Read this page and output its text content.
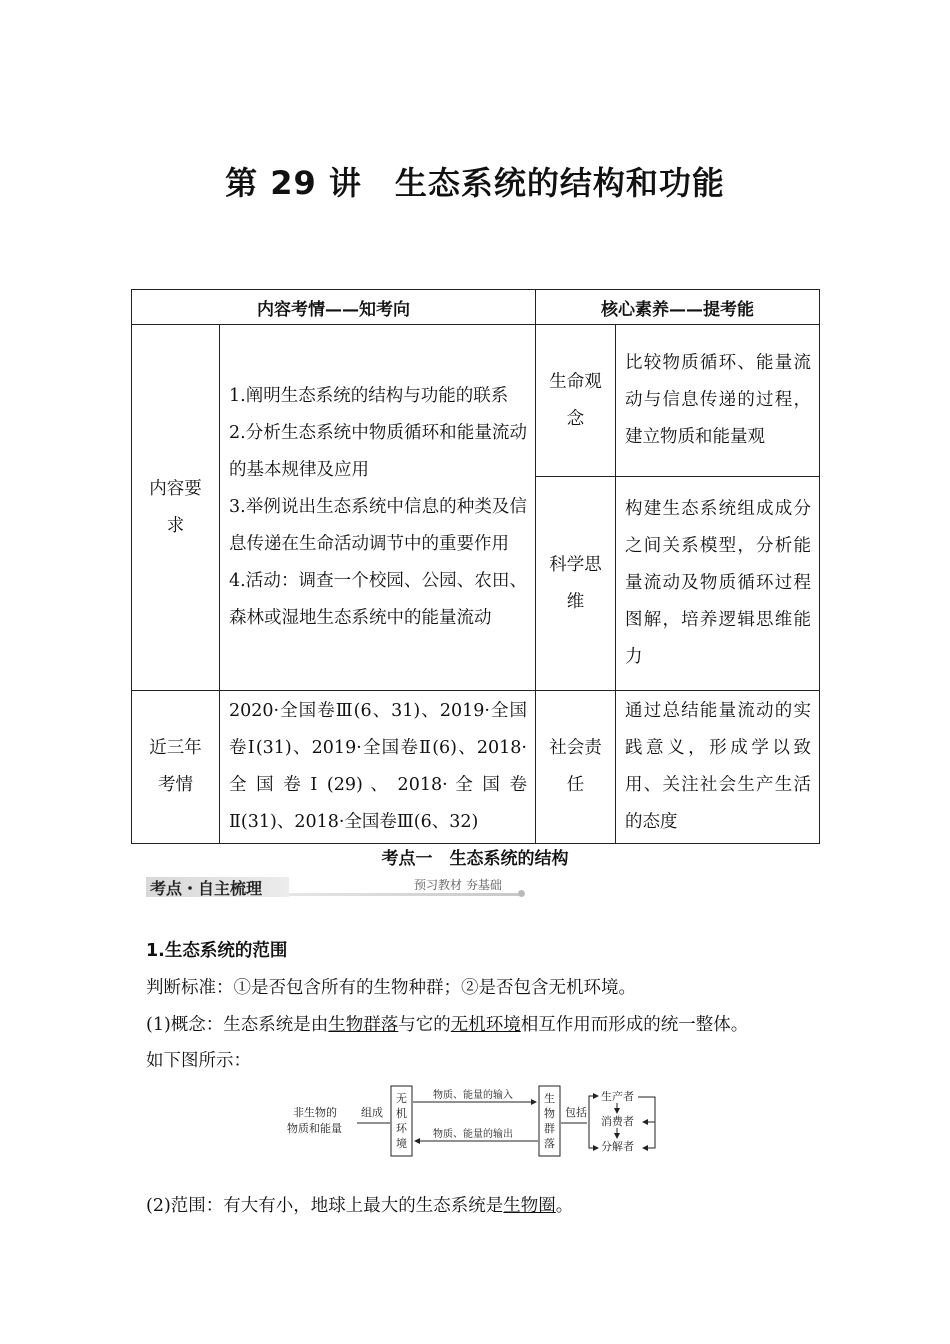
第 29 讲　生态系统的结构和功能
内容考情——知考向		核心素养——提考能	
内容要求	1.阐明生态系统的结构与功能的联系

2.分析生态系统中物质循环和能量流动的基本规律及应用

3.举例说出生态系统中信息的种类及信息传递在生命活动调节中的重要作用

4.活动：调查一个校园、公园、农田、森林或湿地生态系统中的能量流动	生命观念	比较物质循环、能量流动与信息传递的过程，建立物质和能量观
		科学思维	构建生态系统组成成分之间关系模型，分析能量流动及物质循环过程图解，培养逻辑思维能力
近三年考情	2020·全国卷Ⅲ(6、31)、2019·全国卷Ⅰ(31)、2019·全国卷Ⅱ(6)、2018·全 国 卷 Ⅰ (29) 、 2018· 全 国 卷Ⅱ(31)、2018·全国卷Ⅲ(6、32)	社会责任	通过总结能量流动的实践意义，形成学以致用、关注社会生产生活的态度
考点一　生态系统的结构
考点・自主梳理	预习教材 夯基础
1.生态系统的范围
判断标准：①是否包含所有的生物种群；②是否包含无机环境。
(1)概念：生态系统是由生物群落与它的无机环境相互作用而形成的统一整体。
如下图所示：
非生物的
物质和能量
组成
无
机
环
境
物质、能量的输入
物质、能量的输出
生
物
群
落
包括
生产者
消费者
分解者
(2)范围：有大有小，地球上最大的生态系统是生物圈。
